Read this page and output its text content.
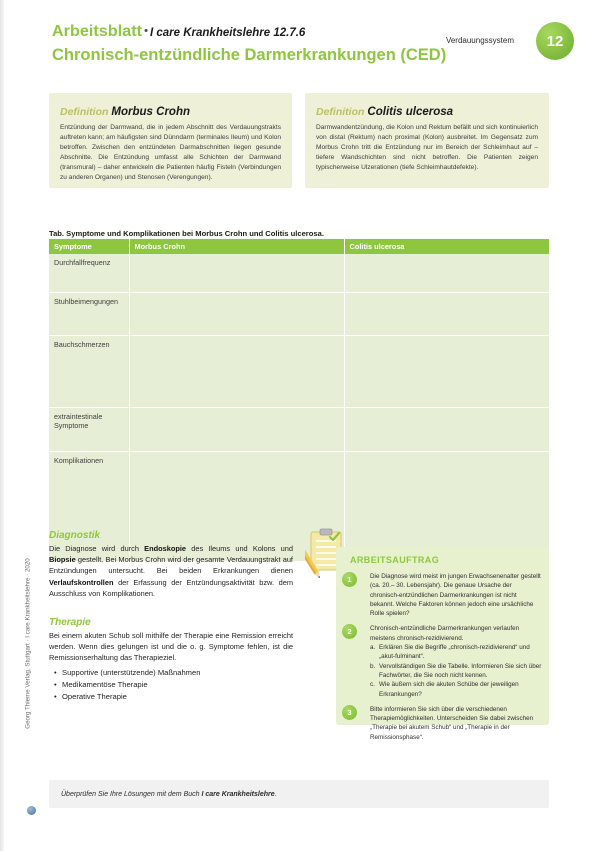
Arbeitsblatt • I care Krankheitslehre 12.7.6
Chronisch-entzündliche Darmerkrankungen (CED)
Verdauungssystem	12
Definition Morbus Crohn
Entzündung der Darmwand, die in jedem Abschnitt des Verdauungstrakts auftreten kann; am häufigsten sind Dünndarm (terminales Ileum) und Kolon betroffen. Zwischen den entzündeten Darmabschnitten liegen gesunde Abschnitte. Die Entzündung umfasst alle Schichten der Darmwand (transmural) – daher entwickeln die Patienten häufig Fisteln (Verbindungen zu anderen Organen) und Stenosen (Verengungen).
Definition Colitis ulcerosa
Darmwandentzündung, die Kolon und Rektum befällt und sich kontinuierlich von distal (Rektum) nach proximal (Kolon) ausbreitet. Im Gegensatz zum Morbus Crohn tritt die Entzündung nur im Bereich der Schleimhaut auf – tiefere Wandschichten sind nicht betroffen. Die Patienten zeigen typischerweise Ulzerationen (tiefe Schleimhautdefekte).
Tab. Symptome und Komplikationen bei Morbus Crohn und Colitis ulcerosa.
Symptome	Morbus Crohn	Colitis ulcerosa
Durchfallfrequenz		
Stuhlbeimengungen		
Bauchschmerzen		
extraintestinale Symptome		
Komplikationen		
Diagnostik
Die Diagnose wird durch Endoskopie des Ileums und Kolons und Biopsie gestellt. Bei Morbus Crohn wird der gesamte Verdauungstrakt auf Entzündungen untersucht. Bei beiden Erkrankungen dienen Verlaufskontrollen der Erfassung der Entzündungsaktivität bzw. dem Ausschluss von Komplikationen.
Therapie
Bei einem akuten Schub soll mithilfe der Therapie eine Remission erreicht werden. Wenn dies gelungen ist und die o. g. Symptome fehlen, ist die Remissionserhaltung das Therapieziel.
• Supportive (unterstützende) Maßnahmen
• Medikamentöse Therapie
• Operative Therapie
ARBEITSAUFTRAG
1	Die Diagnose wird meist im jungen Erwachsenenalter gestellt (ca. 20.– 30. Lebensjahr). Die genaue Ursache der chronisch-entzündlichen Darmerkrankungen ist nicht bekannt. Welche Faktoren können jedoch eine ursächliche Rolle spielen?
2	Chronisch-entzündliche Darmerkrankungen verlaufen meistens chronisch-rezidivierend.
a. Erklären Sie die Begriffe „chronisch-rezidivierend“ und „akut-fulminant“.
b. Vervollständigen Sie die Tabelle. Informieren Sie sich über Fachwörter, die Sie noch nicht kennen.
c. Wie äußern sich die akuten Schübe der jeweiligen Erkrankungen?
3	Bitte informieren Sie sich über die verschiedenen Therapiemöglichkeiten. Unterscheiden Sie dabei zwischen „Therapie bei akutem Schub“ und „Therapie in der Remissionsphase“.
Überprüfen Sie Ihre Lösungen mit dem Buch I care Krankheitslehre.
Georg Thieme Verlag, Stuttgart · I care Krankheitslehre · 2020
